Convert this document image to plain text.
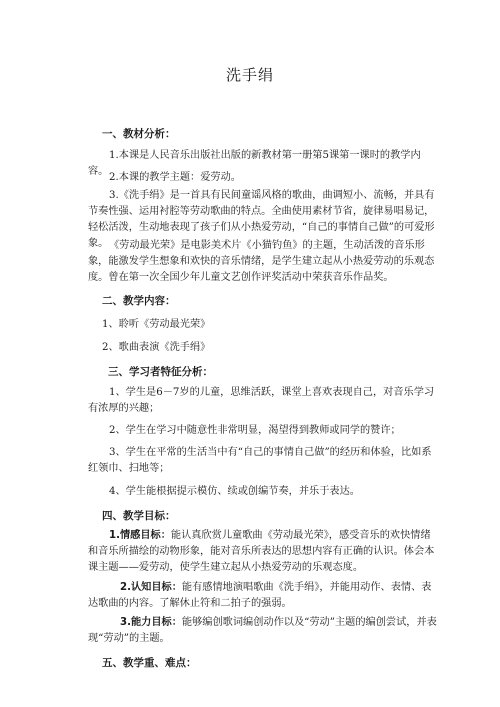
洗手绢
一、教材分析：
1.本课是人民音乐出版社出版的新教材第一册第5课第一课时的教学内容。
2.本课的教学主题：爱劳动。
3.《洗手绢》是一首具有民间童谣风格的歌曲，曲调短小、流畅，并具有节奏性强、运用衬腔等劳动歌曲的特点。全曲使用素材节省，旋律易唱易记，轻松活泼，生动地表现了孩子们从小热爱劳动，“自己的事情自己做”的可爱形象。 《劳动最光荣》是电影美术片《小猫钓鱼》的主题，生动活泼的音乐形象，能激发学生想象和欢快的音乐情绪，是学生建立起从小热爱劳动的乐观态度。曾在第一次全国少年儿童文艺创作评奖活动中荣获音乐作品奖。
二、教学内容：
1、聆听《劳动最光荣》
2、歌曲表演《洗手绢》
三、学习者特征分析：
1、学生是6－7岁的儿童，思维活跃，课堂上喜欢表现自己，对音乐学习有浓厚的兴趣；
2、学生在学习中随意性非常明显，渴望得到教师或同学的赞许；
3、学生在平常的生活当中有“自己的事情自己做”的经历和体验，比如系红领巾、扫地等；
4、学生能根据提示模仿、续或创编节奏，并乐于表达。
四、教学目标：
1.情感目标：能认真欣赏儿童歌曲《劳动最光荣》，感受音乐的欢快情绪和音乐所描绘的动物形象，能对音乐所表达的思想内容有正确的认识。体会本课主题——爱劳动，使学生建立起从小热爱劳动的乐观态度。
2.认知目标：能有感情地演唱歌曲《洗手绢》，并能用动作、表情、表达歌曲的内容。了解休止符和二拍子的强弱。
3.能力目标：能够编创歌词编创动作以及“劳动”主题的编创尝试，并表现“劳动”的主题。
五、教学重、难点：
